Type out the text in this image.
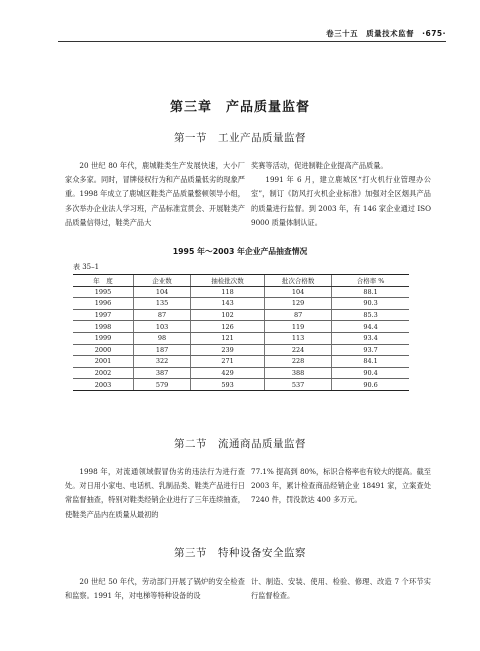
卷三十五　质量技术监督　·675·
第三章　产品质量监督
第一节　工业产品质量监督

20 世纪 80 年代，鹿城鞋类生产发展快速，大小厂家众多家。同时，冒牌侵权行为和产品质量低劣的现象严重。1998 年成立了鹿城区鞋类产品质量整顿领导小组，多次举办企业法人学习班，产品标准宣贯会、开展鞋类产品质量信得过，鞋类产品大

奖赛等活动，促进制鞋企业提高产品质量。

1991 年 6 月，建立鹿城区“打火机行业管理办公室”，制订《防风打火机企业标准》加强对全区烟具产品的质量进行监督。到 2003 年，有 146 家企业通过 ISO 9000 质量体制认证。

1995 年～2003 年企业产品抽查情况
表 35–1
年　度	企业数	抽检批次数	批次合格数	合格率 %
1995	104	118	104	88.1
1996	135	143	129	90.3
1997	87	102	87	85.3
1998	103	126	119	94.4
1999	98	121	113	93.4
2000	187	239	224	93.7
2001	322	271	228	84.1
2002	387	429	388	90.4
2003	579	593	537	90.6
第二节　流通商品质量监督

1998 年，对流通领域假冒伪劣的违法行为进行查处。对日用小家电、电话机、乳制品类、鞋类产品进行日常监督抽查，特别对鞋类经销企业进行了三年连续抽查，使鞋类产品内在质量从最初的

77.1% 提高到 80%，标识合格率也有较大的提高。截至 2003 年，累计检查商品经销企业 18491 家，立案查处 7240 件，罚没款达 400 多万元。

第三节　特种设备安全监察

20 世纪 50 年代，劳动部门开展了锅炉的安全检查和监察。1991 年，对电梯等特种设备的设

计、制造、安装、使用、检验、修理、改造 7 个环节实行监督检查。
